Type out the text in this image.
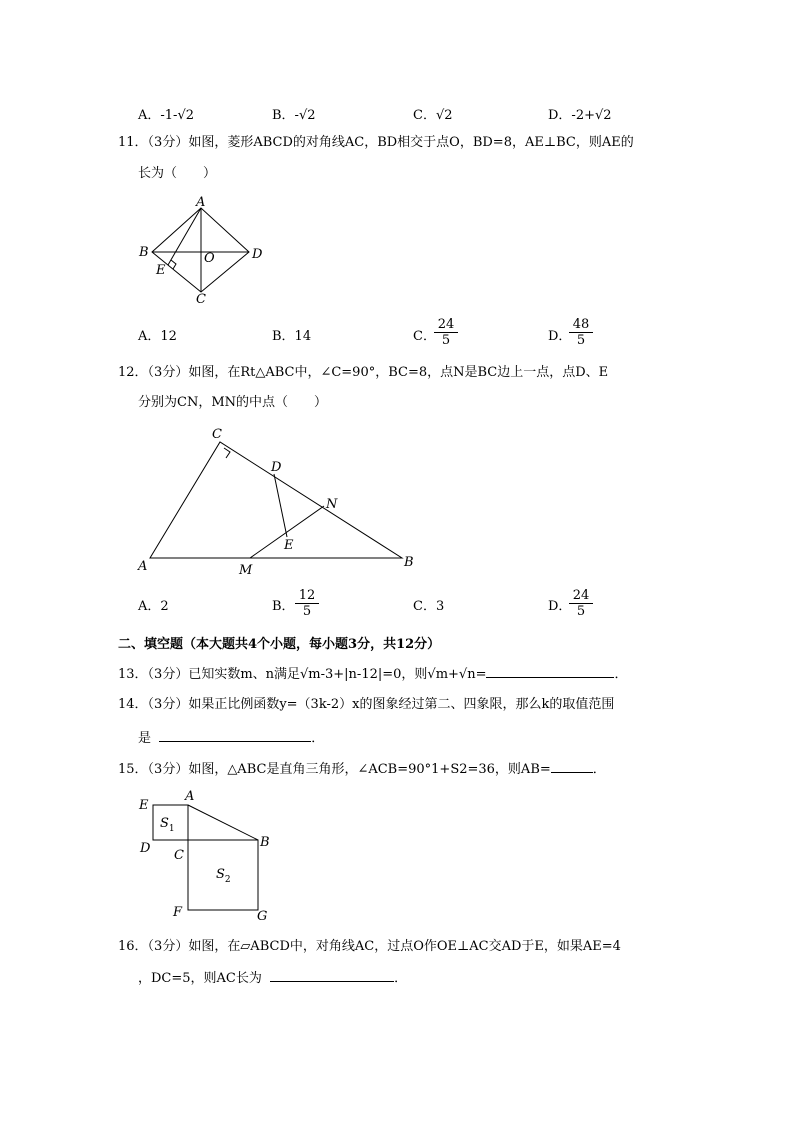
A．-1-√2	B．-√2	C．√2	D．-2+√2
11．（3分）如图，菱形ABCD的对角线AC，BD相交于点O，BD=8，AE⊥BC，则AE的
长为（　　）
A
B	D
E
O
C
A．12	B．14	C．
$\frac{24}{5}$	D．
$\frac{48}{5}$
12．（3分）如图，在Rt△ABC中，∠C=90°，BC=8，点N是BC边上一点，点D、E
分别为CN，MN的中点（　　）
C
D
N
E
A	M
B
A．2	B． $\frac{12}{5}$	C．3	D．
$\frac{24}{5}$
二、填空题（本大题共4个小题，每小题3分，共12分）
13．（3分）已知实数m、n满足√m-3+|n-12|=0，则√m+√n=	．
14．（3分）如果正比例函数y=（3k-2）x的图象经过第二、四象限，那么k的取值范围
是	．
15．（3分）如图，△ABC是直角三角形，∠ACB=90°1+S2=36，则AB=	．
E
A
$S_1$
D C
B
$S_2$
F	G
16．（3分）如图，在▱ABCD中，对角线AC，过点O作OE⊥AC交AD于E，如果AE=4
，DC=5，则AC长为	．
